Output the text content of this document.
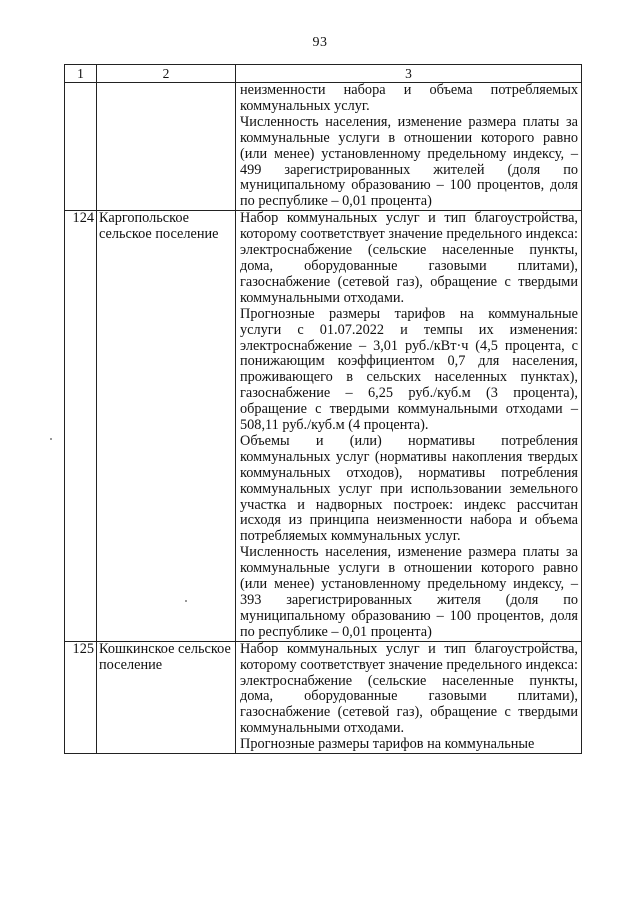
93
1	2	3

		неизменности набора и объема потребляемых коммунальных услуг.

Численность населения, изменение размера платы за коммунальные услуги в отношении которого равно (или менее) установленному предельному индексу, – 499 зарегистрированных жителей (доля по муниципальному образованию – 100 процентов, доля по республике – 0,01 процента)

124	Каргопольское сельское поселение	Набор коммунальных услуг и тип благоустройства, которому соответствует значение предельного индекса: электроснабжение (сельские населенные пункты, дома, оборудованные газовыми плитами), газоснабжение (сетевой газ), обращение с твердыми коммунальными отходами.

Прогнозные размеры тарифов на коммунальные услуги с 01.07.2022 и темпы их изменения: электроснабжение – 3,01 руб./кВт·ч (4,5 процента, с понижающим коэффициентом 0,7 для населения, проживающего в сельских населенных пунктах), газоснабжение – 6,25 руб./куб.м (3 процента), обращение с твердыми коммунальными отходами – 508,11 руб./куб.м (4 процента).

Объемы и (или) нормативы потребления коммунальных услуг (нормативы накопления твердых коммунальных отходов), нормативы потребления коммунальных услуг при использовании земельного участка и надворных построек: индекс рассчитан исходя из принципа неизменности набора и объема потребляемых коммунальных услуг.

Численность населения, изменение размера платы за коммунальные услуги в отношении которого равно (или менее) установленному предельному индексу, – 393 зарегистрированных жителя (доля по муниципальному образованию – 100 процентов, доля по республике – 0,01 процента)

125	Кошкинское сельское поселение	Набор коммунальных услуг и тип благоустройства, которому соответствует значение предельного индекса: электроснабжение (сельские населенные пункты, дома, оборудованные газовыми плитами), газоснабжение (сетевой газ), обращение с твердыми коммунальными отходами.

Прогнозные размеры тарифов на коммунальные
